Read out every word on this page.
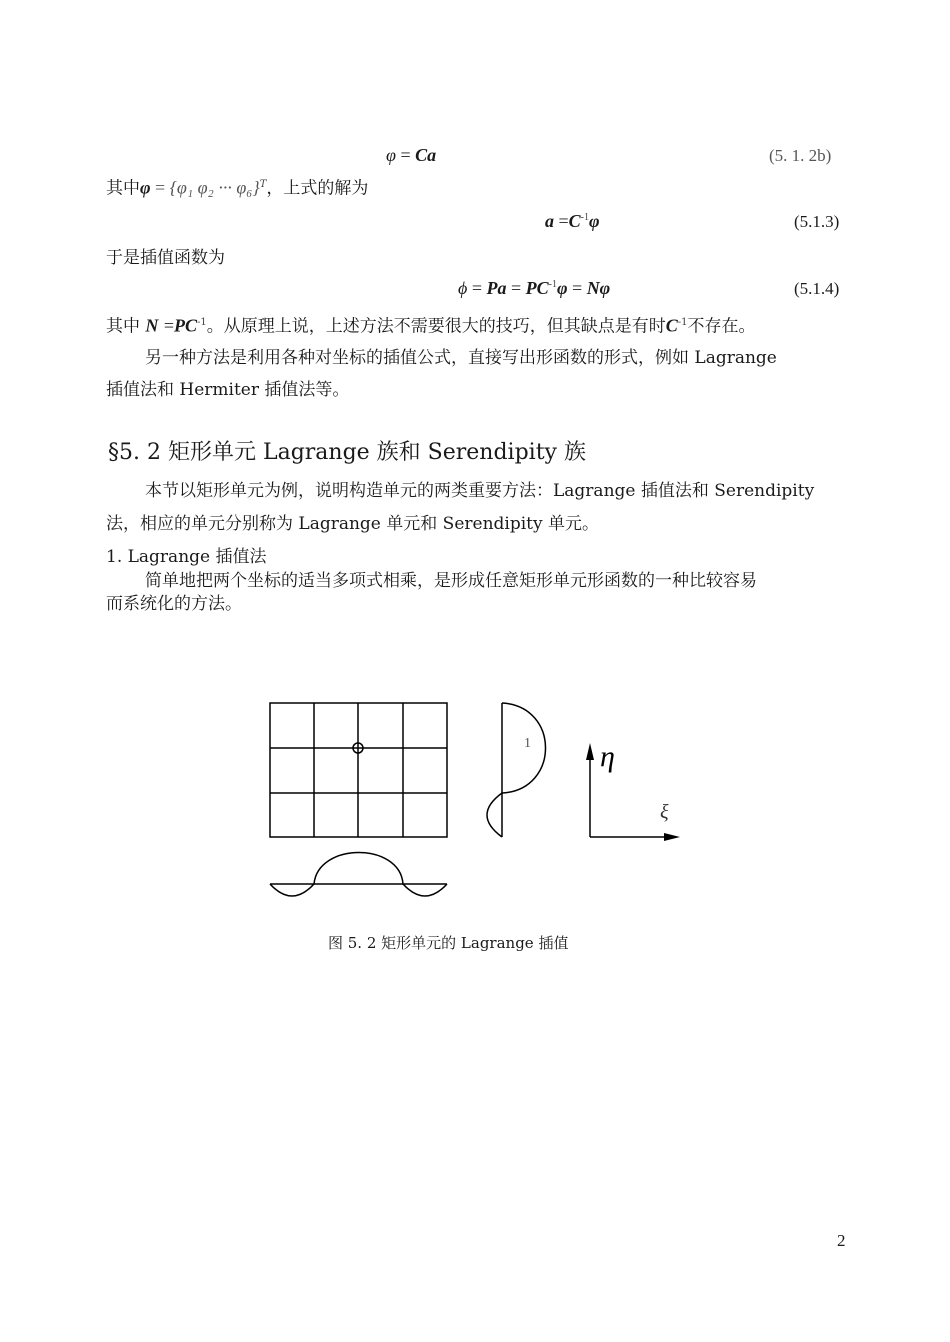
φ = Ca	(5. 1. 2b)
其中φ = {φ₁ φ₂ ··· φ₆}$^T$，上式的解为
$a =C^{-1}\varphi$	(5.1.3)
于是插值函数为
$\phi = Pa = PC^{-1}\varphi = N\varphi$	(5.1.4)
其中 $N =PC^{-1}$。从原理上说，上述方法不需要很大的技巧，但其缺点是有时$C^{-1}$不存在。
另一种方法是利用各种对坐标的插值公式，直接写出形函数的形式，例如 Lagrange
插值法和 Hermiter 插值法等。
§5. 2 矩形单元 Lagrange 族和 Serendipity 族
本节以矩形单元为例，说明构造单元的两类重要方法：Lagrange 插值法和 Serendipity
法，相应的单元分别称为 Lagrange 单元和 Serendipity 单元。
1. Lagrange 插值法
简单地把两个坐标的适当多项式相乘，是形成任意矩形单元形函数的一种比较容易
而系统化的方法。
1 η
ξ
图 5. 2 矩形单元的 Lagrange 插值
2
